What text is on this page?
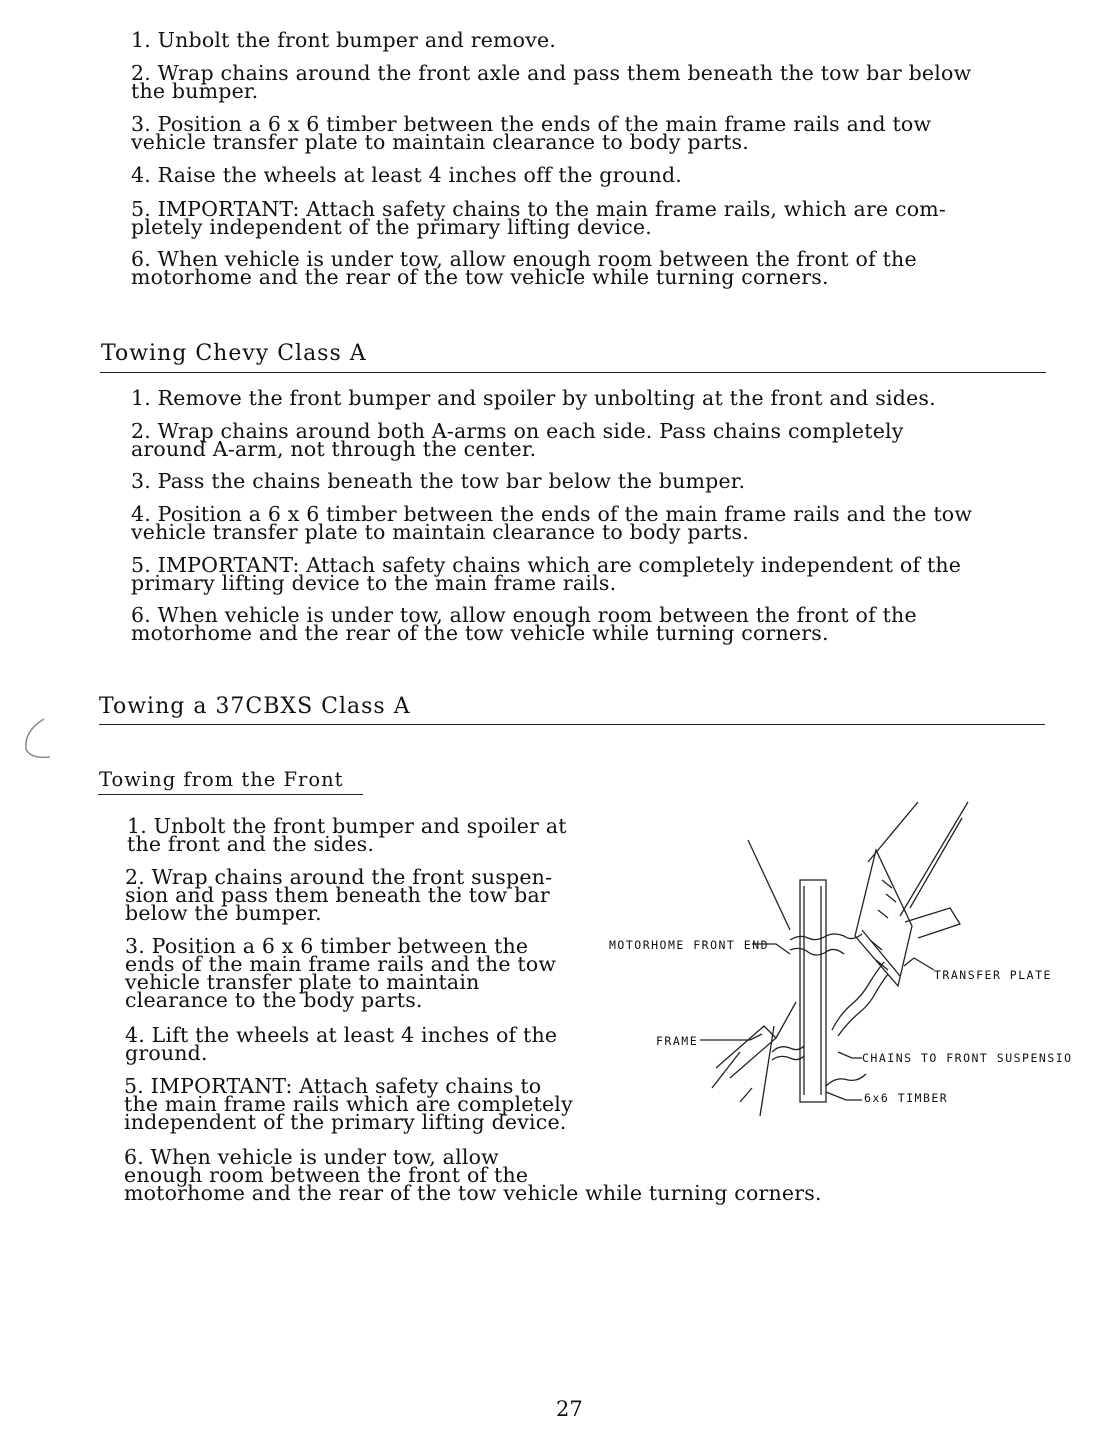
1. Unbolt the front bumper and remove.
2. Wrap chains around the front axle and pass them beneath the tow bar below
the bumper.
3. Position a 6 x 6 timber between the ends of the main frame rails and tow
vehicle transfer plate to maintain clearance to body parts.
4. Raise the wheels at least 4 inches off the ground.
5. IMPORTANT: Attach safety chains to the main frame rails, which are com-
pletely independent of the primary lifting device.
6. When vehicle is under tow, allow enough room between the front of the
motorhome and the rear of the tow vehicle while turning corners.
Towing Chevy Class A
1. Remove the front bumper and spoiler by unbolting at the front and sides.
2. Wrap chains around both A-arms on each side. Pass chains completely
around A-arm, not through the center.
3. Pass the chains beneath the tow bar below the bumper.
4. Position a 6 x 6 timber between the ends of the main frame rails and the tow
vehicle transfer plate to maintain clearance to body parts.
5. IMPORTANT: Attach safety chains which are completely independent of the
primary lifting device to the main frame rails.
6. When vehicle is under tow, allow enough room between the front of the
motorhome and the rear of the tow vehicle while turning corners.
Towing a 37CBXS Class A
Towing from the Front
1. Unbolt the front bumper and spoiler at
the front and the sides.
2. Wrap chains around the front suspen-
sion and pass them beneath the tow bar
below the bumper.
3. Position a 6 x 6 timber between the
ends of the main frame rails and the tow
vehicle transfer plate to maintain
clearance to the body parts.
4. Lift the wheels at least 4 inches of the
ground.
5. IMPORTANT: Attach safety chains to
the main frame rails which are completely
independent of the primary lifting device.
6. When vehicle is under tow, allow
enough room between the front of the
motorhome and the rear of the tow vehicle while turning corners.
MOTORHOME FRONT END
TRANSFER PLATE
FRAME
CHAINS TO FRONT SUSPENSIO
6x6 TIMBER
27
